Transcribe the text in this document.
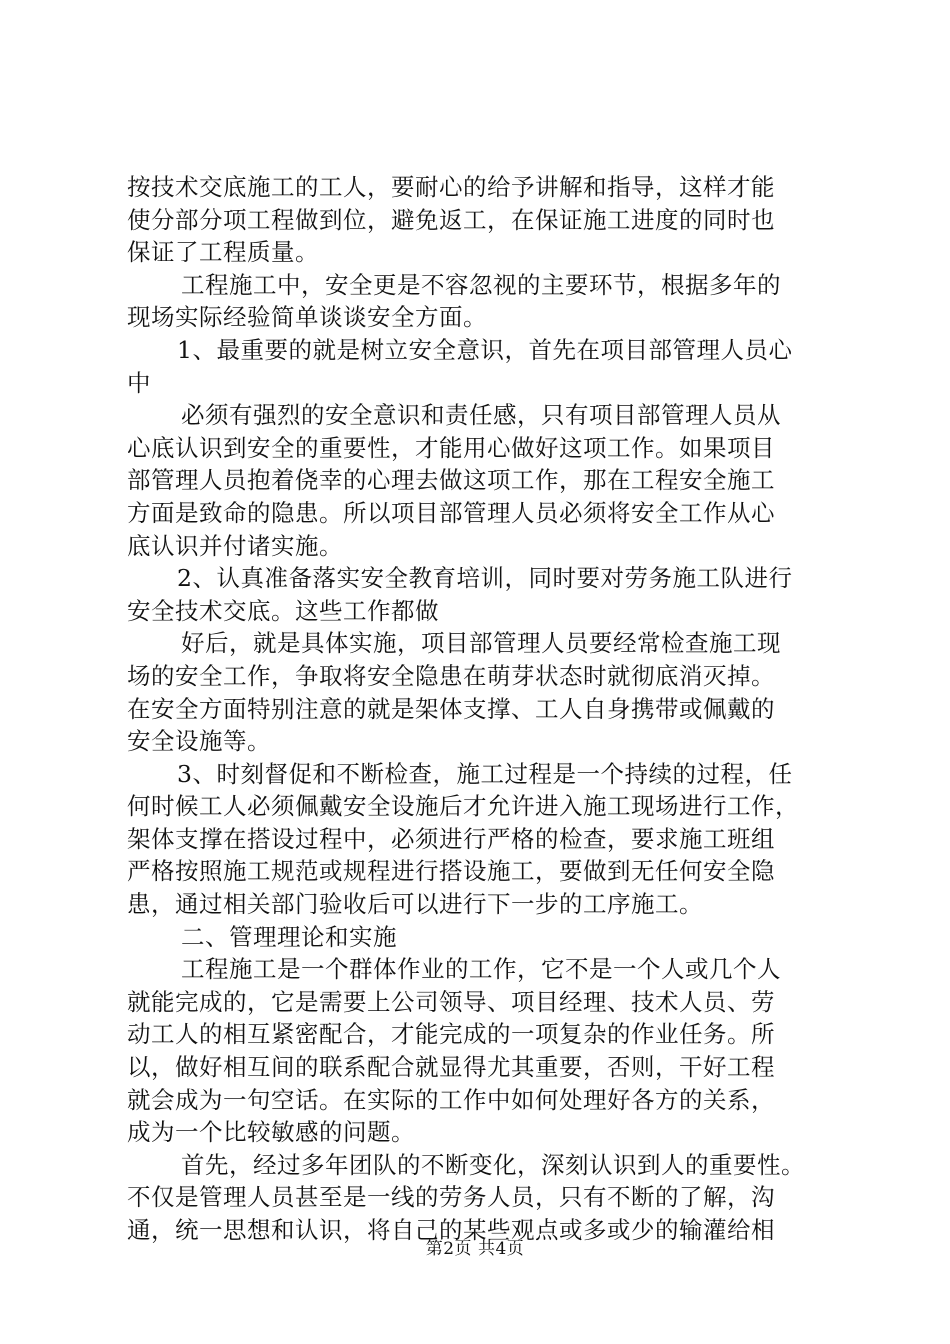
按技术交底施工的工人，要耐心的给予讲解和指导，这样才能
使分部分项工程做到位，避免返工，在保证施工进度的同时也
保证了工程质量。
工程施工中，安全更是不容忽视的主要环节，根据多年的
现场实际经验简单谈谈安全方面。
1、最重要的就是树立安全意识，首先在项目部管理人员心
中
必须有强烈的安全意识和责任感，只有项目部管理人员从
心底认识到安全的重要性，才能用心做好这项工作。如果项目
部管理人员抱着侥幸的心理去做这项工作，那在工程安全施工
方面是致命的隐患。所以项目部管理人员必须将安全工作从心
底认识并付诸实施。
2、认真准备落实安全教育培训，同时要对劳务施工队进行
安全技术交底。这些工作都做
好后，就是具体实施，项目部管理人员要经常检查施工现
场的安全工作，争取将安全隐患在萌芽状态时就彻底消灭掉。
在安全方面特别注意的就是架体支撑、工人自身携带或佩戴的
安全设施等。
3、时刻督促和不断检查，施工过程是一个持续的过程，任
何时候工人必须佩戴安全设施后才允许进入施工现场进行工作，
架体支撑在搭设过程中，必须进行严格的检查，要求施工班组
严格按照施工规范或规程进行搭设施工，要做到无任何安全隐
患，通过相关部门验收后可以进行下一步的工序施工。
二、管理理论和实施
工程施工是一个群体作业的工作，它不是一个人或几个人
就能完成的，它是需要上公司领导、项目经理、技术人员、劳
动工人的相互紧密配合，才能完成的一项复杂的作业任务。所
以，做好相互间的联系配合就显得尤其重要，否则，干好工程
就会成为一句空话。在实际的工作中如何处理好各方的关系，
成为一个比较敏感的问题。
首先，经过多年团队的不断变化，深刻认识到人的重要性。
不仅是管理人员甚至是一线的劳务人员，只有不断的了解，沟
通，统一思想和认识，将自己的某些观点或多或少的输灌给相
第2页 共4页
